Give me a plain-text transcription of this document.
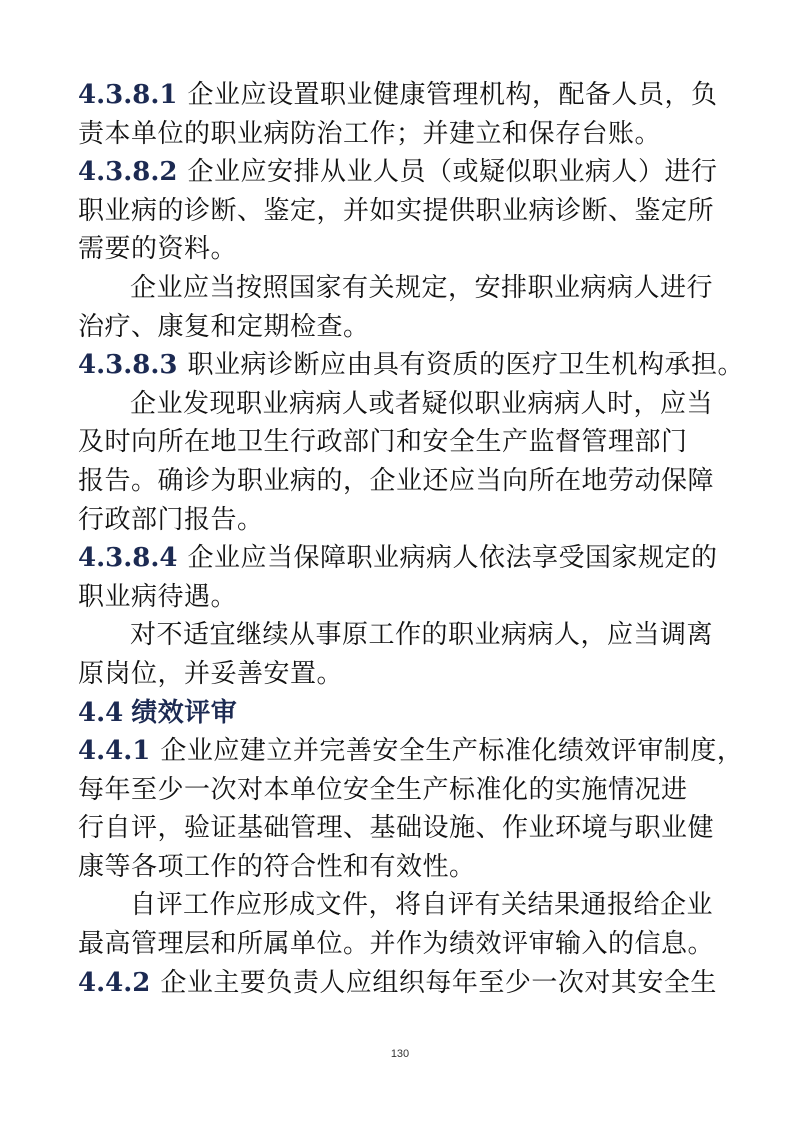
4.3.8.1 企业应设置职业健康管理机构，配备人员，负
责本单位的职业病防治工作；并建立和保存台账。
4.3.8.2 企业应安排从业人员（或疑似职业病人）进行
职业病的诊断、鉴定，并如实提供职业病诊断、鉴定所
需要的资料。
企业应当按照国家有关规定，安排职业病病人进行
治疗、康复和定期检查。
4.3.8.3 职业病诊断应由具有资质的医疗卫生机构承担。
企业发现职业病病人或者疑似职业病病人时，应当
及时向所在地卫生行政部门和安全生产监督管理部门
报告。确诊为职业病的，企业还应当向所在地劳动保障
行政部门报告。
4.3.8.4 企业应当保障职业病病人依法享受国家规定的
职业病待遇。
对不适宜继续从事原工作的职业病病人，应当调离
原岗位，并妥善安置。
4.4 绩效评审
4.4.1 企业应建立并完善安全生产标准化绩效评审制度，
每年至少一次对本单位安全生产标准化的实施情况进
行自评，验证基础管理、基础设施、作业环境与职业健
康等各项工作的符合性和有效性。
自评工作应形成文件，将自评有关结果通报给企业
最高管理层和所属单位。并作为绩效评审输入的信息。
4.4.2 企业主要负责人应组织每年至少一次对其安全生
130
